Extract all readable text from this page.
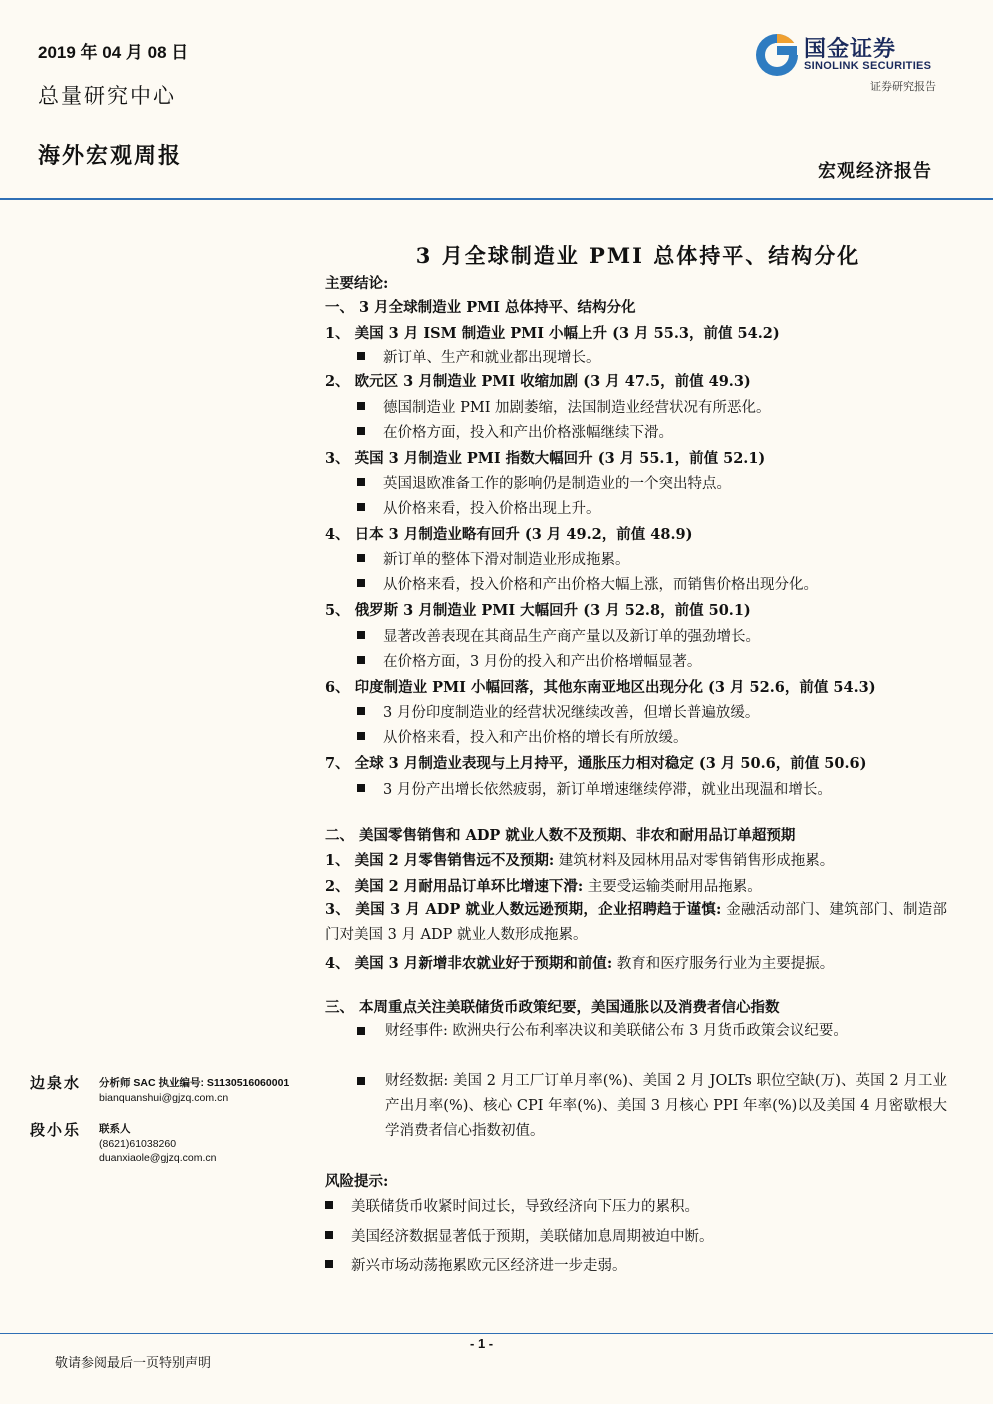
2019 年 04 月 08 日
总量研究中心
海外宏观周报
国金证券
SINOLINK SECURITIES
证券研究报告
宏观经济报告
3 月全球制造业 PMI 总体持平、结构分化
主要结论:
一、 3 月全球制造业 PMI 总体持平、结构分化
1、 美国 3 月 ISM 制造业 PMI 小幅上升 (3 月 55.3，前值 54.2)
新订单、生产和就业都出现增长。
2、 欧元区 3 月制造业 PMI 收缩加剧 (3 月 47.5，前值 49.3)
德国制造业 PMI 加剧萎缩，法国制造业经营状况有所恶化。
在价格方面，投入和产出价格涨幅继续下滑。
3、 英国 3 月制造业 PMI 指数大幅回升 (3 月 55.1，前值 52.1)
英国退欧准备工作的影响仍是制造业的一个突出特点。
从价格来看，投入价格出现上升。
4、 日本 3 月制造业略有回升 (3 月 49.2，前值 48.9)
新订单的整体下滑对制造业形成拖累。
从价格来看，投入价格和产出价格大幅上涨，而销售价格出现分化。
5、 俄罗斯 3 月制造业 PMI 大幅回升 (3 月 52.8，前值 50.1)
显著改善表现在其商品生产商产量以及新订单的强劲增长。
在价格方面，3 月份的投入和产出价格增幅显著。
6、 印度制造业 PMI 小幅回落，其他东南亚地区出现分化 (3 月 52.6，前值 54.3)
3 月份印度制造业的经营状况继续改善，但增长普遍放缓。
从价格来看，投入和产出价格的增长有所放缓。
7、 全球 3 月制造业表现与上月持平，通胀压力相对稳定 (3 月 50.6，前值 50.6)
3 月份产出增长依然疲弱，新订单增速继续停滞，就业出现温和增长。
二、 美国零售销售和 ADP 就业人数不及预期、非农和耐用品订单超预期
1、 美国 2 月零售销售远不及预期: 建筑材料及园林用品对零售销售形成拖累。
2、 美国 2 月耐用品订单环比增速下滑: 主要受运输类耐用品拖累。
3、 美国 3 月 ADP 就业人数远逊预期，企业招聘趋于谨慎: 金融活动部门、建筑部门、制造部门对美国 3 月 ADP 就业人数形成拖累。
4、 美国 3 月新增非农就业好于预期和前值: 教育和医疗服务行业为主要提振。
三、 本周重点关注美联储货币政策纪要，美国通胀以及消费者信心指数
财经事件: 欧洲央行公布利率决议和美联储公布 3 月货币政策会议纪要。
财经数据: 美国 2 月工厂订单月率(%)、美国 2 月 JOLTs 职位空缺(万)、英国 2 月工业产出月率(%)、核心 CPI 年率(%)、美国 3 月核心 PPI 年率(%)以及美国 4 月密歇根大学消费者信心指数初值。
风险提示:
美联储货币收紧时间过长，导致经济向下压力的累积。
美国经济数据显著低于预期，美联储加息周期被迫中断。
新兴市场动荡拖累欧元区经济进一步走弱。
边泉水 分析师 SAC 执业编号: S1130516060001
bianquanshui@gjzq.com.cn
段小乐 联系人
(8621)61038260
duanxiaole@gjzq.com.cn
- 1 -
敬请参阅最后一页特别声明
